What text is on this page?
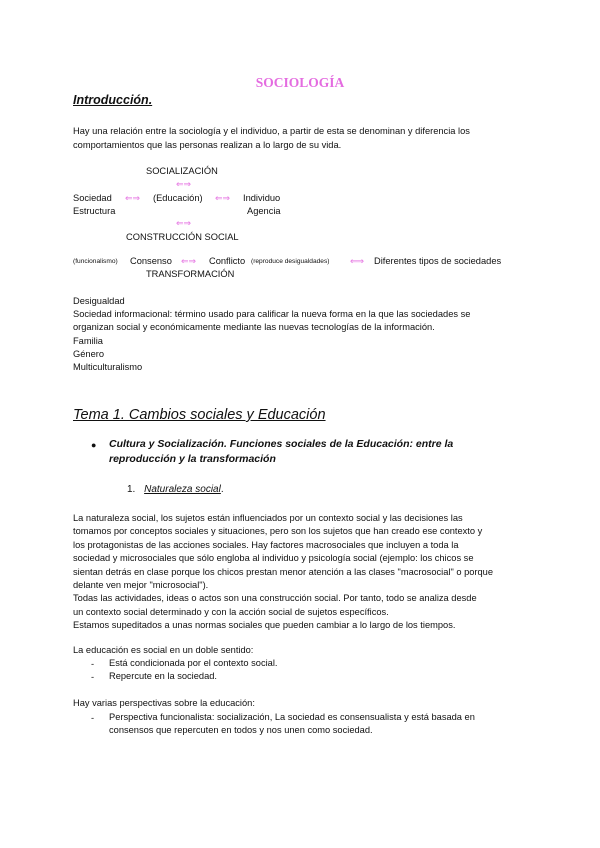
SOCIOLOGÍA
Introducción.
Hay una relación entre la sociología y el individuo, a partir de esta se denominan y diferencia los
comportamientos que las personas realizan a lo largo de su vida.
SOCIALIZACIÓN
⇐⇒
Sociedad ⇐⇒ (Educación) ⇐⇒ Individuo
Estructura	Agencia
⇐⇒
CONSTRUCCIÓN SOCIAL
(funcionalismo) Consenso ⇐⇒ Conflicto (reproduce desigualdades) ⇐⇒ Diferentes tipos de sociedades
TRANSFORMACIÓN
Desigualdad
Sociedad informacional: término usado para calificar la nueva forma en la que las sociedades se
organizan social y económicamente mediante las nuevas tecnologías de la información.
Familia
Género
Multiculturalismo
Tema 1. Cambios sociales y Educación
● Cultura y Socialización. Funciones sociales de la Educación: entre la
reproducción y la transformación
1. Naturaleza social.

La naturaleza social, los sujetos están influenciados por un contexto social y las decisiones las

tomamos por conceptos sociales y situaciones, pero son los sujetos que han creado ese contexto y

los protagonistas de las acciones sociales. Hay factores macrosociales que incluyen a toda la

sociedad y microsociales que sólo engloba al individuo y psicología social (ejemplo: los chicos se

sientan detrás en clase porque los chicos prestan menor atención a las clases "macrosocial" o porque

delante ven mejor "microsocial").

Todas las actividades, ideas o actos son una construcción social. Por tanto, todo se analiza desde

un contexto social determinado y con la acción social de sujetos específicos.

Estamos supeditados a unas normas sociales que pueden cambiar a lo largo de los tiempos.

La educación es social en un doble sentido:
- Está condicionada por el contexto social.
- Repercute en la sociedad.
Hay varias perspectivas sobre la educación:
- Perspectiva funcionalista: socialización, La sociedad es consensualista y está basada en
consensos que repercuten en todos y nos unen como sociedad.
